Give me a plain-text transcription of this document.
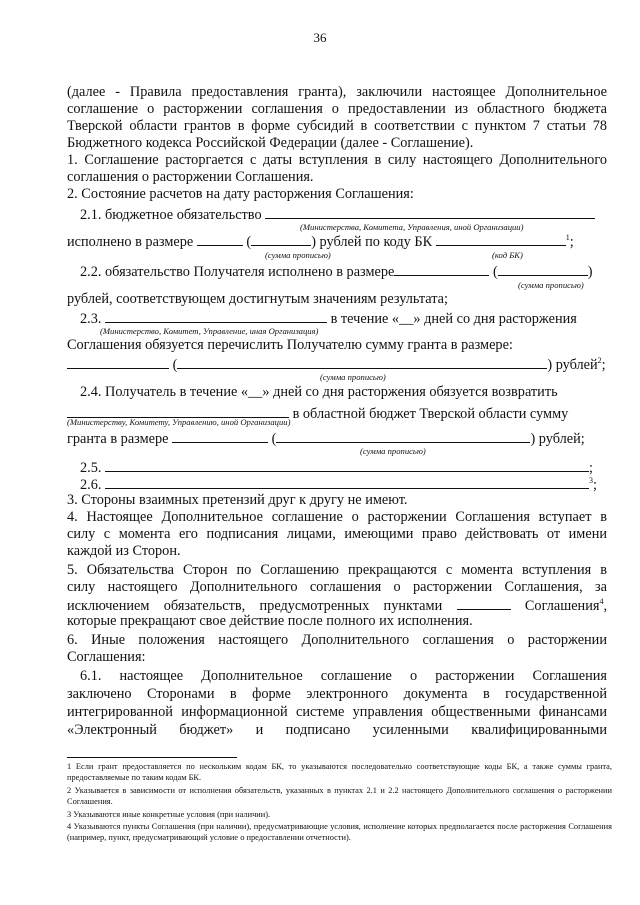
36
(далее - Правила предоставления гранта), заключили настоящее Дополнительное
соглашение о расторжении соглашения о предоставлении из областного бюджета
Тверской области грантов в форме субсидий в соответствии с пунктом 7 статьи 78
Бюджетного кодекса Российской Федерации (далее - Соглашение).
1. Соглашение расторгается с даты вступления в силу настоящего Дополнительного
соглашения о расторжении Соглашения.
2. Состояние расчетов на дату расторжения Соглашения:
2.1. бюджетное обязательство
(Министерства, Комитета, Управления, иной Организации)
исполнено в размере	(	) рублей по коду БК	$^1$;
(сумма прописью)	(код БК)
2.2. обязательство Получателя исполнено в размере	(	)
(сумма прописью)
рублей, соответствующем достигнутым значениям результата;
2.3.	в течение «__» дней со дня расторжения
(Министерство, Комитет, Управление, иная Организация)
Соглашения обязуется перечислить Получателю сумму гранта в размере:
(	) рублей$^2$;
(сумма прописью)
2.4. Получатель в течение «__» дней со дня расторжения обязуется возвратить
в областной бюджет Тверской области сумму
(Министерству, Комитету, Управлению, иной Организации)
гранта в размере	(	) рублей;
(сумма прописью)
2.5.	;
2.6.	$^3$;
3. Стороны взаимных претензий друг к другу не имеют.
4. Настоящее Дополнительное соглашение о расторжении Соглашения вступает в
силу с момента его подписания лицами, имеющими право действовать от имени
каждой из Сторон.
5. Обязательства Сторон по Соглашению прекращаются с момента вступления в
силу настоящего Дополнительного соглашения о расторжении Соглашения, за
исключением обязательств, предусмотренных пунктами	Соглашения$^4$,
которые прекращают свое действие после полного их исполнения.
6. Иные положения настоящего Дополнительного соглашения о расторжении
Соглашения:
6.1. настоящее Дополнительное соглашение о расторжении Соглашения
заключено Сторонами в форме электронного документа в государственной
интегрированной информационной системе управления общественными финансами
«Электронный бюджет» и подписано усиленными квалифицированными
1 Если грант предоставляется по нескольким кодам БК, то указываются последовательно соответствующие коды БК, а также суммы гранта, предоставляемые по таким кодам БК.
2 Указывается в зависимости от исполнения обязательств, указанных в пунктах 2.1 и 2.2 настоящего Дополнительного соглашения о расторжении Соглашения.
3 Указываются иные конкретные условия (при наличии).
4 Указываются пункты Соглашения (при наличии), предусматривающие условия, исполнение которых предполагается после расторжения Соглашения (например, пункт, предусматривающий условие о предоставлении отчетности).
